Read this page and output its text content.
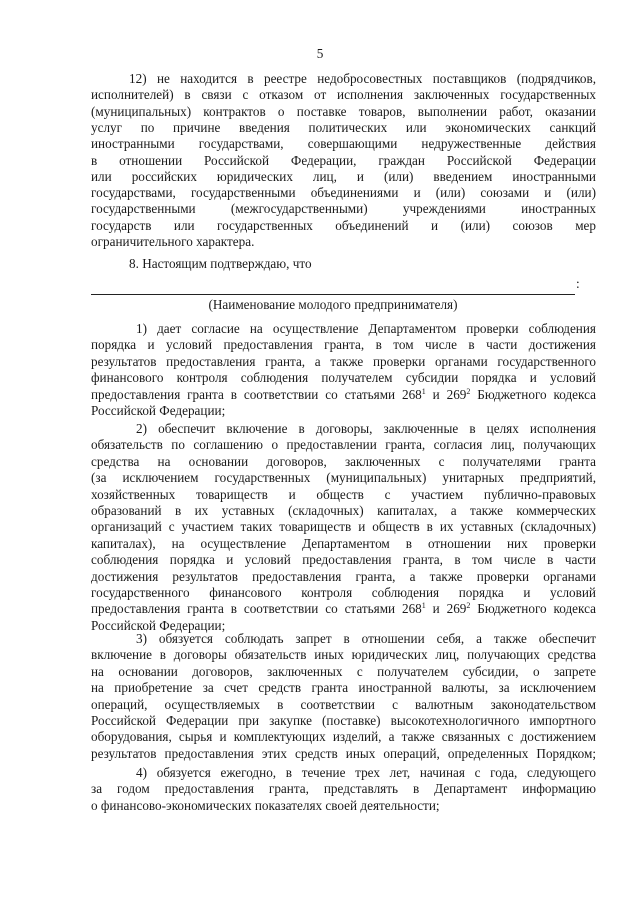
5
12) не находится в реестре недобросовестных поставщиков (подрядчиков,
исполнителей) в связи с отказом от исполнения заключенных государственных
(муниципальных) контрактов о поставке товаров, выполнении работ, оказании
услуг по причине введения политических или экономических санкций
иностранными государствами, совершающими недружественные действия
в отношении Российской Федерации, граждан Российской Федерации
или российских юридических лиц, и (или) введением иностранными
государствами, государственными объединениями и (или) союзами и (или)
государственными (межгосударственными) учреждениями иностранных
государств или государственных объединений и (или) союзов мер
ограничительного характера.
8. Настоящим подтверждаю, что
:
(Наименование молодого предпринимателя)
1) дает согласие на осуществление Департаментом проверки соблюдения
порядка и условий предоставления гранта, в том числе в части достижения
результатов предоставления гранта, а также проверки органами государственного
финансового контроля соблюдения получателем субсидии порядка и условий
предоставления гранта в соответствии со статьями $268^1$ и $269^2$ Бюджетного кодекса
Российской Федерации;
2) обеспечит включение в договоры, заключенные в целях исполнения
обязательств по соглашению о предоставлении гранта, согласия лиц, получающих
средства на основании договоров, заключенных с получателями гранта
(за исключением государственных (муниципальных) унитарных предприятий,
хозяйственных товариществ и обществ с участием публично-правовых
образований в их уставных (складочных) капиталах, а также коммерческих
организаций с участием таких товариществ и обществ в их уставных (складочных)
капиталах), на осуществление Департаментом в отношении них проверки
соблюдения порядка и условий предоставления гранта, в том числе в части
достижения результатов предоставления гранта, а также проверки органами
государственного финансового контроля соблюдения порядка и условий
предоставления гранта в соответствии со статьями $268^1$ и $269^2$ Бюджетного кодекса
Российской Федерации;
3) обязуется соблюдать запрет в отношении себя, а также обеспечит
включение в договоры обязательств иных юридических лиц, получающих средства
на основании договоров, заключенных с получателем субсидии, о запрете
на приобретение за счет средств гранта иностранной валюты, за исключением
операций, осуществляемых в соответствии с валютным законодательством
Российской Федерации при закупке (поставке) высокотехнологичного импортного
оборудования, сырья и комплектующих изделий, а также связанных с достижением
результатов предоставления этих средств иных операций, определенных Порядком;
4) обязуется ежегодно, в течение трех лет, начиная с года, следующего
за годом предоставления гранта, представлять в Департамент информацию
о финансово-экономических показателях своей деятельности;
